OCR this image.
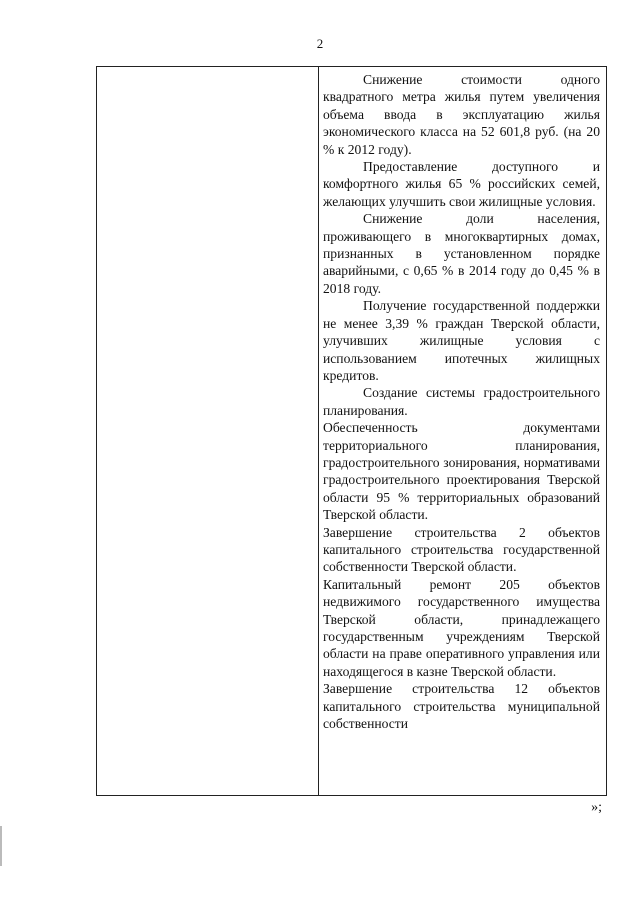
2

Снижение стоимости одного квадратного метра жилья путем увеличения объема ввода в эксплуатацию жилья экономического класса на 52 601,8 руб. (на 20 % к 2012 году).

Предоставление доступного и комфортного жилья 65 % российских семей, желающих улучшить свои жилищные условия.

Снижение доли населения, проживающего в многоквартирных домах, признанных в установленном порядке аварийными, с 0,65 % в 2014 году до 0,45 % в 2018 году.

Получение государственной поддержки не менее 3,39 % граждан Тверской области, улучивших жилищные условия с использованием ипотечных жилищных кредитов.

Создание системы градостроительного планирования.

Обеспеченность документами территориального планирования, градостроительного зонирования, нормативами градостроительного проектирования Тверской области 95 % территориальных образований Тверской области.

Завершение строительства 2 объектов капитального строительства государственной собственности Тверской области.

Капитальный ремонт 205 объектов недвижимого государственного имущества Тверской области, принадлежащего государственным учреждениям Тверской области на праве оперативного управления или находящегося в казне Тверской области.

Завершение строительства 12 объектов капитального строительства муниципальной собственности

»;
